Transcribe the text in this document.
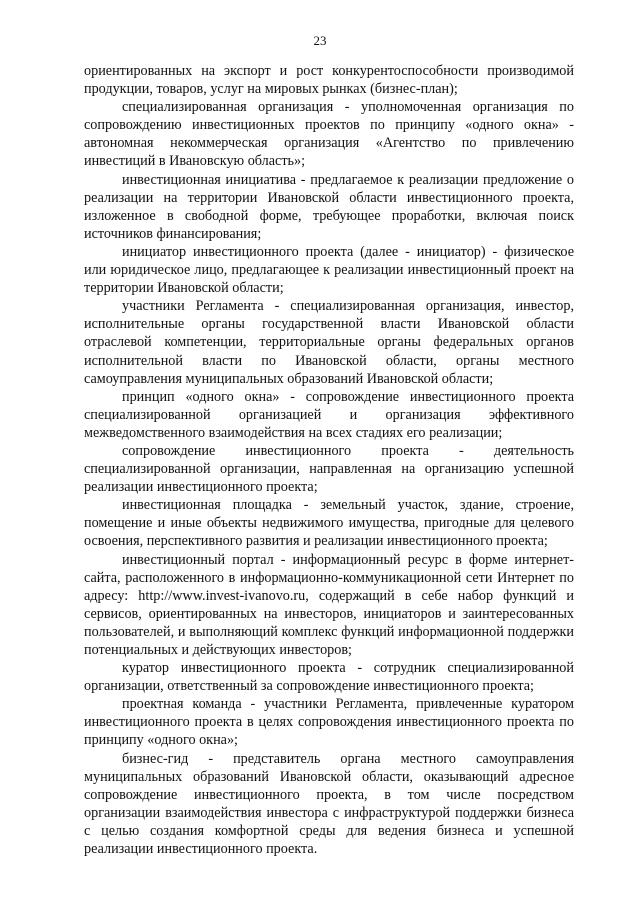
23

ориентированных на экспорт и рост конкурентоспособности производимой продукции, товаров, услуг на мировых рынках (бизнес-план);

специализированная организация - уполномоченная организация по сопровождению инвестиционных проектов по принципу «одного окна» - автономная некоммерческая организация «Агентство по привлечению инвестиций в Ивановскую область»;

инвестиционная инициатива - предлагаемое к реализации предложение о реализации на территории Ивановской области инвестиционного проекта, изложенное в свободной форме, требующее проработки, включая поиск источников финансирования;

инициатор инвестиционного проекта (далее - инициатор) - физическое или юридическое лицо, предлагающее к реализации инвестиционный проект на территории Ивановской области;

участники Регламента - специализированная организация, инвестор, исполнительные органы государственной власти Ивановской области отраслевой компетенции, территориальные органы федеральных органов исполнительной власти по Ивановской области, органы местного самоуправления муниципальных образований Ивановской области;

принцип «одного окна» - сопровождение инвестиционного проекта специализированной организацией и организация эффективного межведомственного взаимодействия на всех стадиях его реализации;

сопровождение инвестиционного проекта - деятельность специализированной организации, направленная на организацию успешной реализации инвестиционного проекта;

инвестиционная площадка - земельный участок, здание, строение, помещение и иные объекты недвижимого имущества, пригодные для целевого освоения, перспективного развития и реализации инвестиционного проекта;

инвестиционный портал - информационный ресурс в форме интернет-сайта, расположенного в информационно-коммуникационной сети Интернет по адресу: http://www.invest-ivanovo.ru, содержащий в себе набор функций и сервисов, ориентированных на инвесторов, инициаторов и заинтересованных пользователей, и выполняющий комплекс функций информационной поддержки потенциальных и действующих инвесторов;

куратор инвестиционного проекта - сотрудник специализированной организации, ответственный за сопровождение инвестиционного проекта;

проектная команда - участники Регламента, привлеченные куратором инвестиционного проекта в целях сопровождения инвестиционного проекта по принципу «одного окна»;

бизнес-гид - представитель органа местного самоуправления муниципальных образований Ивановской области, оказывающий адресное сопровождение инвестиционного проекта, в том числе посредством организации взаимодействия инвестора с инфраструктурой поддержки бизнеса с целью создания комфортной среды для ведения бизнеса и успешной реализации инвестиционного проекта.
